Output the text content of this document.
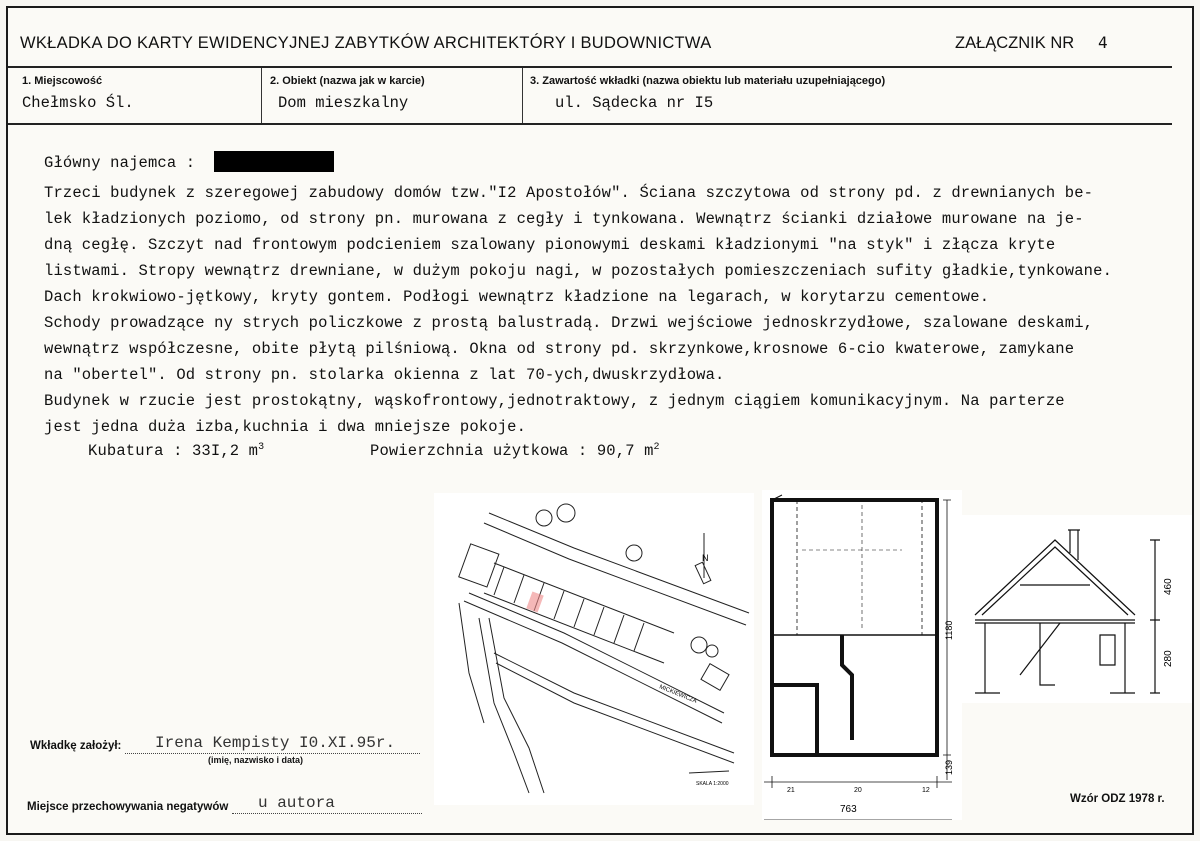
WKŁADKA DO KARTY EWIDENCYJNEJ ZABYTKÓW ARCHITEKTÓRY I BUDOWNICTWA	ZAŁĄCZNIK NR 4
1. Miejscowość
Chełmsko Śl.
2. Obiekt (nazwa jak w karcie)
Dom mieszkalny
3. Zawartość wkładki (nazwa obiektu lub materiału uzupełniającego)
ul. Sądecka nr I5
Główny najemca :
Trzeci budynek z szeregowej zabudowy domów tzw."I2 Apostołów". Ściana szczytowa od strony pd. z drewnianych be-
lek kładzionych poziomo, od strony pn. murowana z cegły i tynkowana. Wewnątrz ścianki działowe murowane na je-
dną cegłę. Szczyt nad frontowym podcieniem szalowany pionowymi deskami kładzionymi "na styk" i złącza kryte
listwami. Stropy wewnątrz drewniane, w dużym pokoju nagi, w pozostałych pomieszczeniach sufity gładkie,tynkowane.
Dach krokwiowo-jętkowy, kryty gontem. Podłogi wewnątrz kładzione na legarach, w korytarzu cementowe.
Schody prowadzące ny strych policzkowe z prostą balustradą. Drzwi wejściowe jednoskrzydłowe, szalowane deskami,
wewnątrz współczesne, obite płytą pilśniową. Okna od strony pd. skrzynkowe,krosnowe 6-cio kwaterowe, zamykane
na "obertel". Od strony pn. stolarka okienna z lat 70-ych,dwuskrzydłowa.
Budynek w rzucie jest prostokątny, wąskofrontowy,jednotraktowy, z jednym ciągiem komunikacyjnym. Na parterze
jest jedna duża izba,kuchnia i dwa mniejsze pokoje.
Kubatura : 33I,2 $m^3$	Powierzchnia użytkowa : 90,7 $m^2$
N
MICKIEWICZA
SKALA 1:2000
1180
139
763
21	20	12
460
280
Wkładkę założył: Irena Kempisty I0.XI.95r.
(imię, nazwisko i data)
Miejsce przechowywania negatywów u autora	Wzór ODZ 1978 r.
